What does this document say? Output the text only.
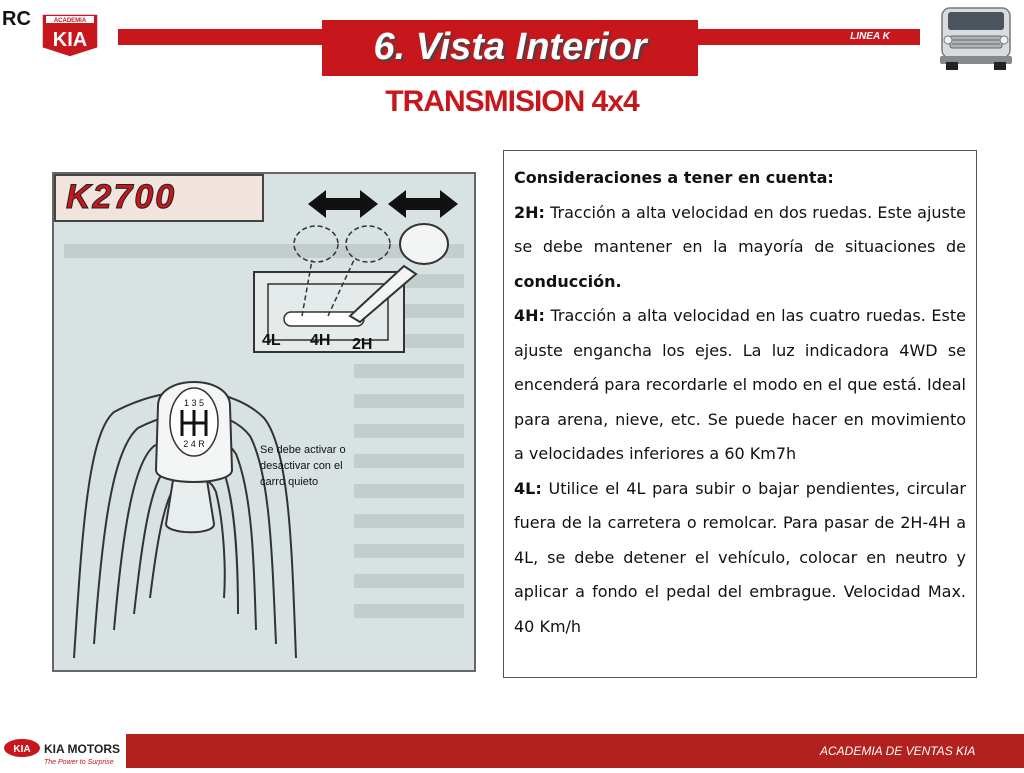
RC	ACADEMIA
KIA	LINEA K
6. Vista Interior
TRANSMISION 4x4
1 3 5
2 4 R
K2700
4L 4H 2H
Se debe activar o desactivar con el carro quieto

Consideraciones a tener en cuenta:

2H: Tracción a alta velocidad en dos ruedas. Este ajuste se debe mantener en la mayoría de situaciones de conducción.

4H: Tracción a alta velocidad en las cuatro ruedas. Este ajuste engancha los ejes. La luz indicadora 4WD se encenderá para recordarle el modo en el que está. Ideal para arena, nieve, etc. Se puede hacer en movimiento a velocidades inferiores a 60 Km7h

4L: Utilice el 4L para subir o bajar pendientes, circular fuera de la carretera o remolcar. Para pasar de 2H-4H a 4L, se debe detener el vehículo, colocar en neutro y aplicar a fondo el pedal del embrague. Velocidad Max. 40 Km/h

KIA KIA MOTORS
The Power to Surprise
ACADEMIA DE VENTAS KIA
